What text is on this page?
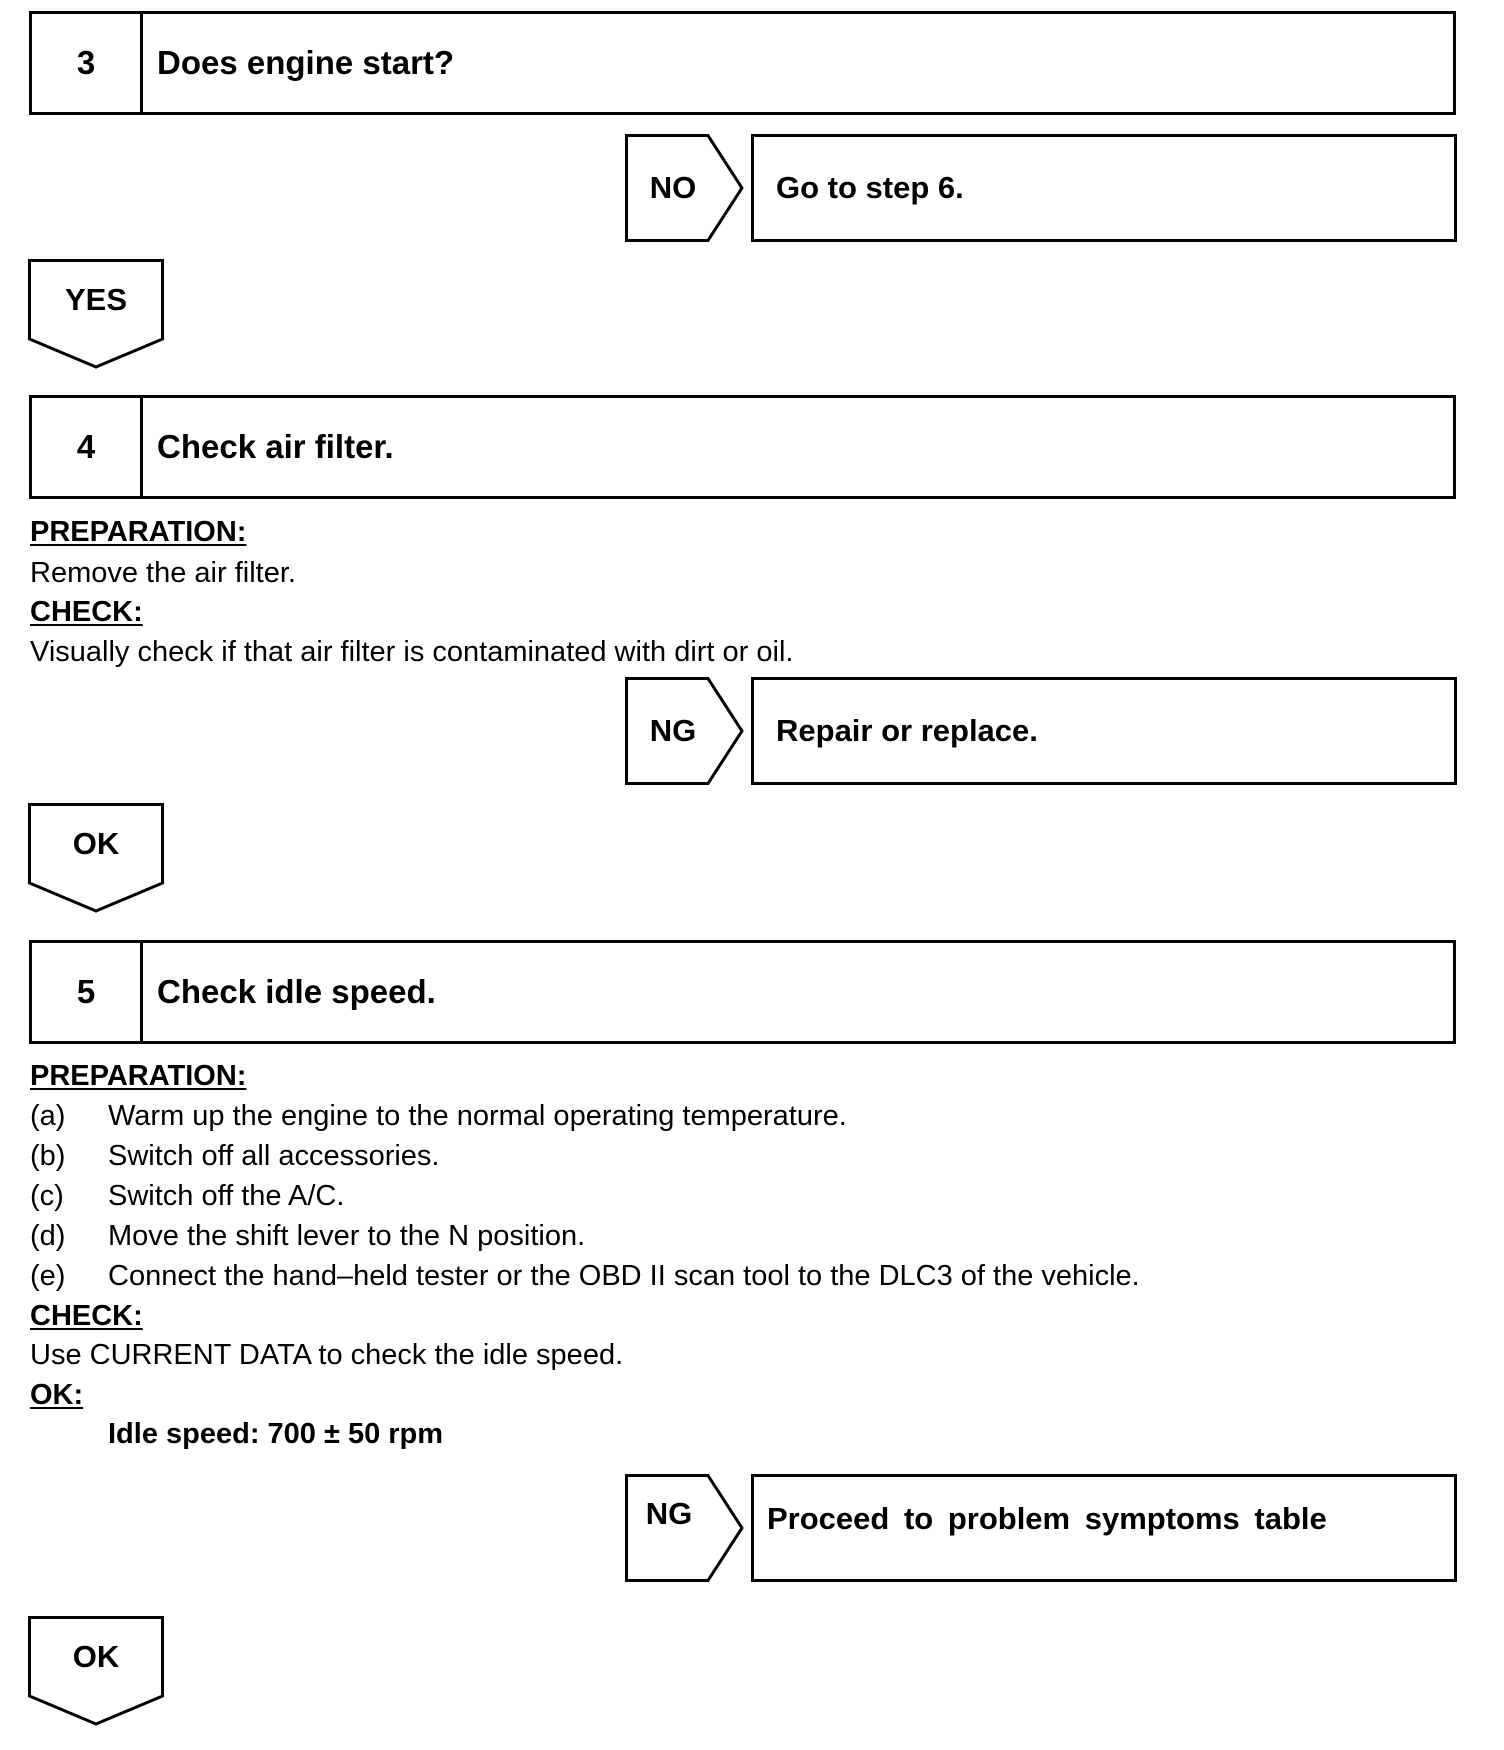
3	Does engine start?
NO	Go to step 6.
YES
4	Check air filter.
PREPARATION:
Remove the air filter.
CHECK:
Visually check if that air filter is contaminated with dirt or oil.
NG	Repair or replace.
OK
5	Check idle speed.
PREPARATION:
(a) Warm up the engine to the normal operating temperature.
(b) Switch off all accessories.
(c) Switch off the A/C.
(d) Move the shift lever to the N position.
(e) Connect the hand–held tester or the OBD II scan tool to the DLC3 of the vehicle.
CHECK:
Use CURRENT DATA to check the idle speed.
OK:
Idle speed: 700 ± 50 rpm
NG	Proceed to problem symptoms table
OK
